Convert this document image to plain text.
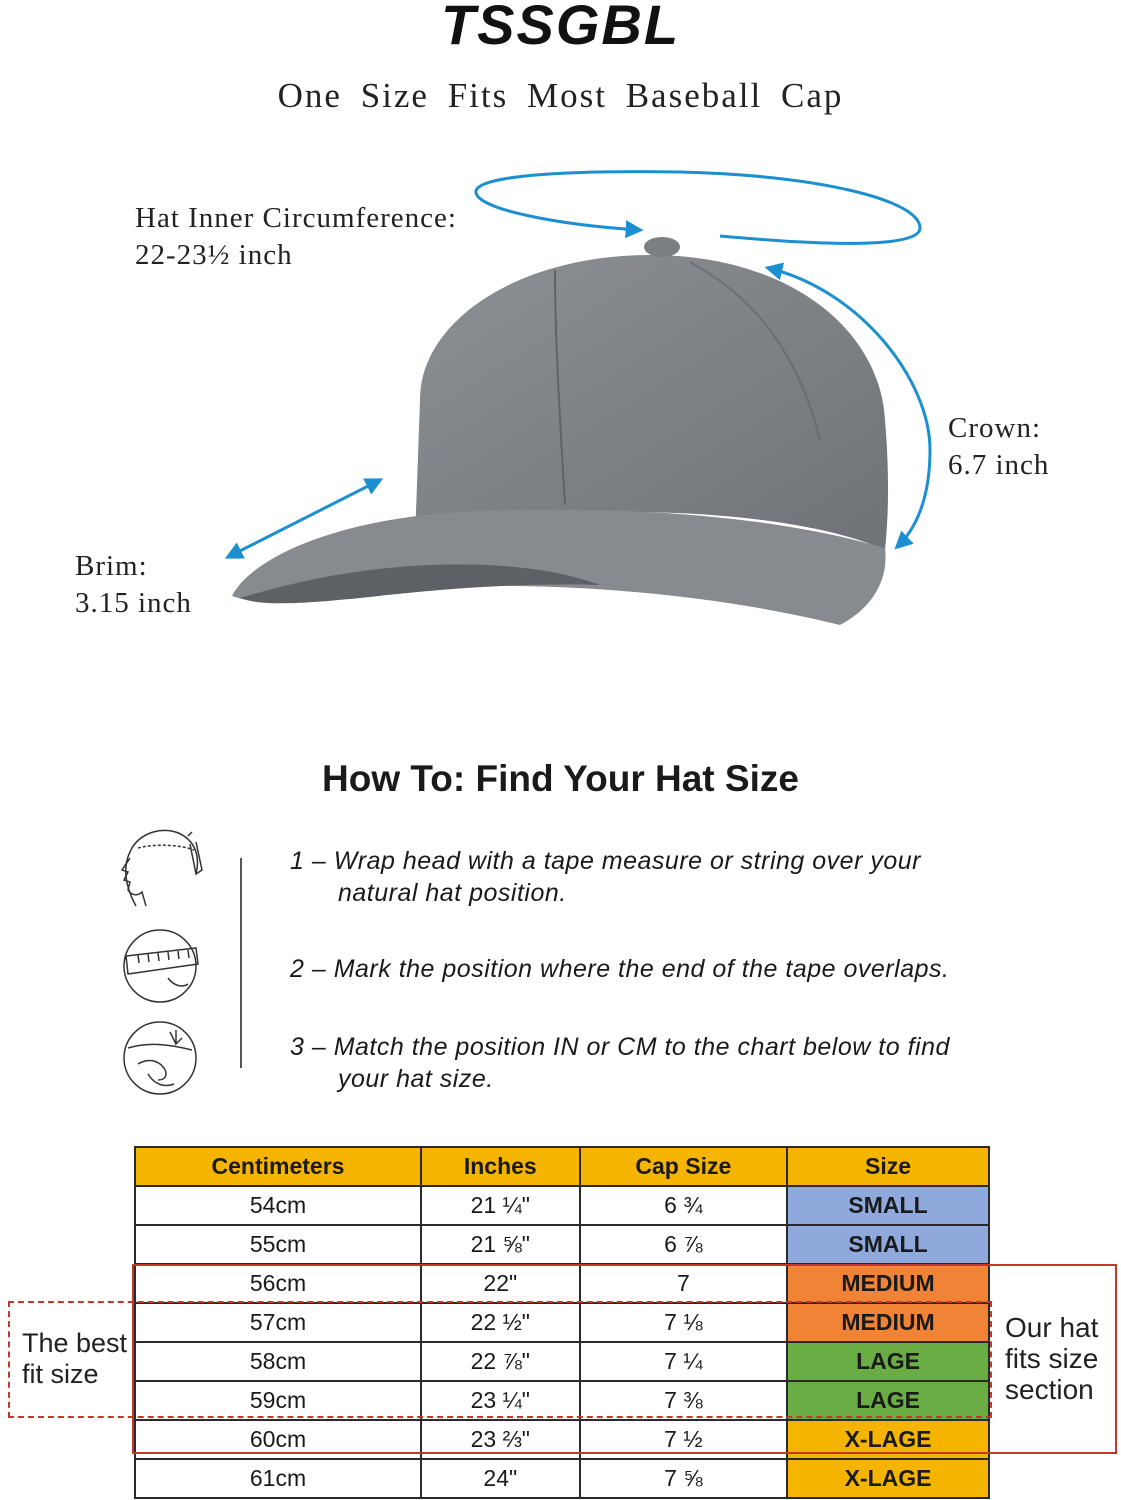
TSSGBL
One Size Fits Most Baseball Cap
Hat Inner Circumference:
22-23½ inch
Crown:
6.7 inch
Brim:
3.15 inch
How To: Find Your Hat Size
1 – Wrap head with a tape measure or string over your
natural hat position.
2 – Mark the position where the end of the tape overlaps.
3 – Match the position IN or CM to the chart below to find
your hat size.
Centimeters	Inches	Cap Size	Size
54cm	21 ¼"	6 ¾	SMALL
55cm	21 ⅝"	6 ⅞	SMALL
56cm	22"	7	MEDIUM
57cm	22 ½"	7 ⅛	MEDIUM
58cm	22 ⅞"	7 ¼	LAGE
59cm	23 ¼"	7 ⅜	LAGE
60cm	23 ⅔"	7 ½	X-LAGE
61cm	24"	7 ⅝	X-LAGE
The best
fit size
Our hat
fits size
section
